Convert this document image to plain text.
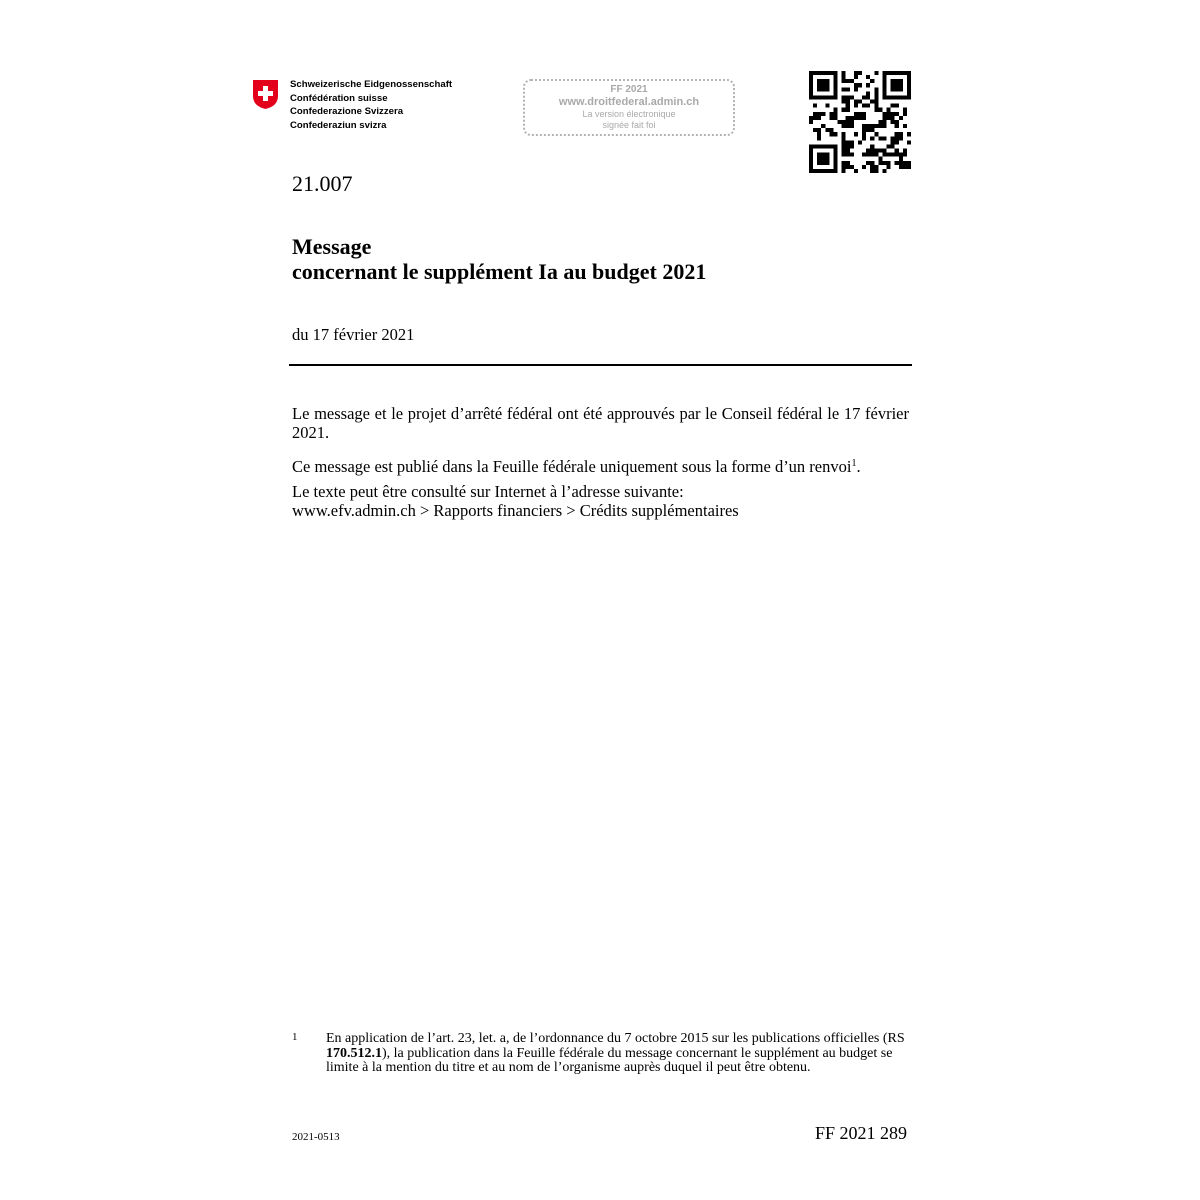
Schweizerische Eidgenossenschaft
Confédération suisse
Confederazione Svizzera
Confederaziun svizra
FF 2021
www.droitfederal.admin.ch
La version électronique
signée fait foi
21.007
Message
concernant le supplément Ia au budget 2021
du 17 février 2021
Le message et le projet d’arrêté fédéral ont été approuvés par le Conseil fédéral le 17 février 2021.
Ce message est publié dans la Feuille fédérale uniquement sous la forme d’un renvoi$^1$.
Le texte peut être consulté sur Internet à l’adresse suivante:
www.efv.admin.ch > Rapports financiers > Crédits supplémentaires
1 En application de l’art. 23, let. a, de l’ordonnance du 7 octobre 2015 sur les publications officielles (RS 170.512.1), la publication dans la Feuille fédérale du message concernant le supplément au budget se limite à la mention du titre et au nom de l’organisme auprès duquel il peut être obtenu.
2021-0513	FF 2021 289
